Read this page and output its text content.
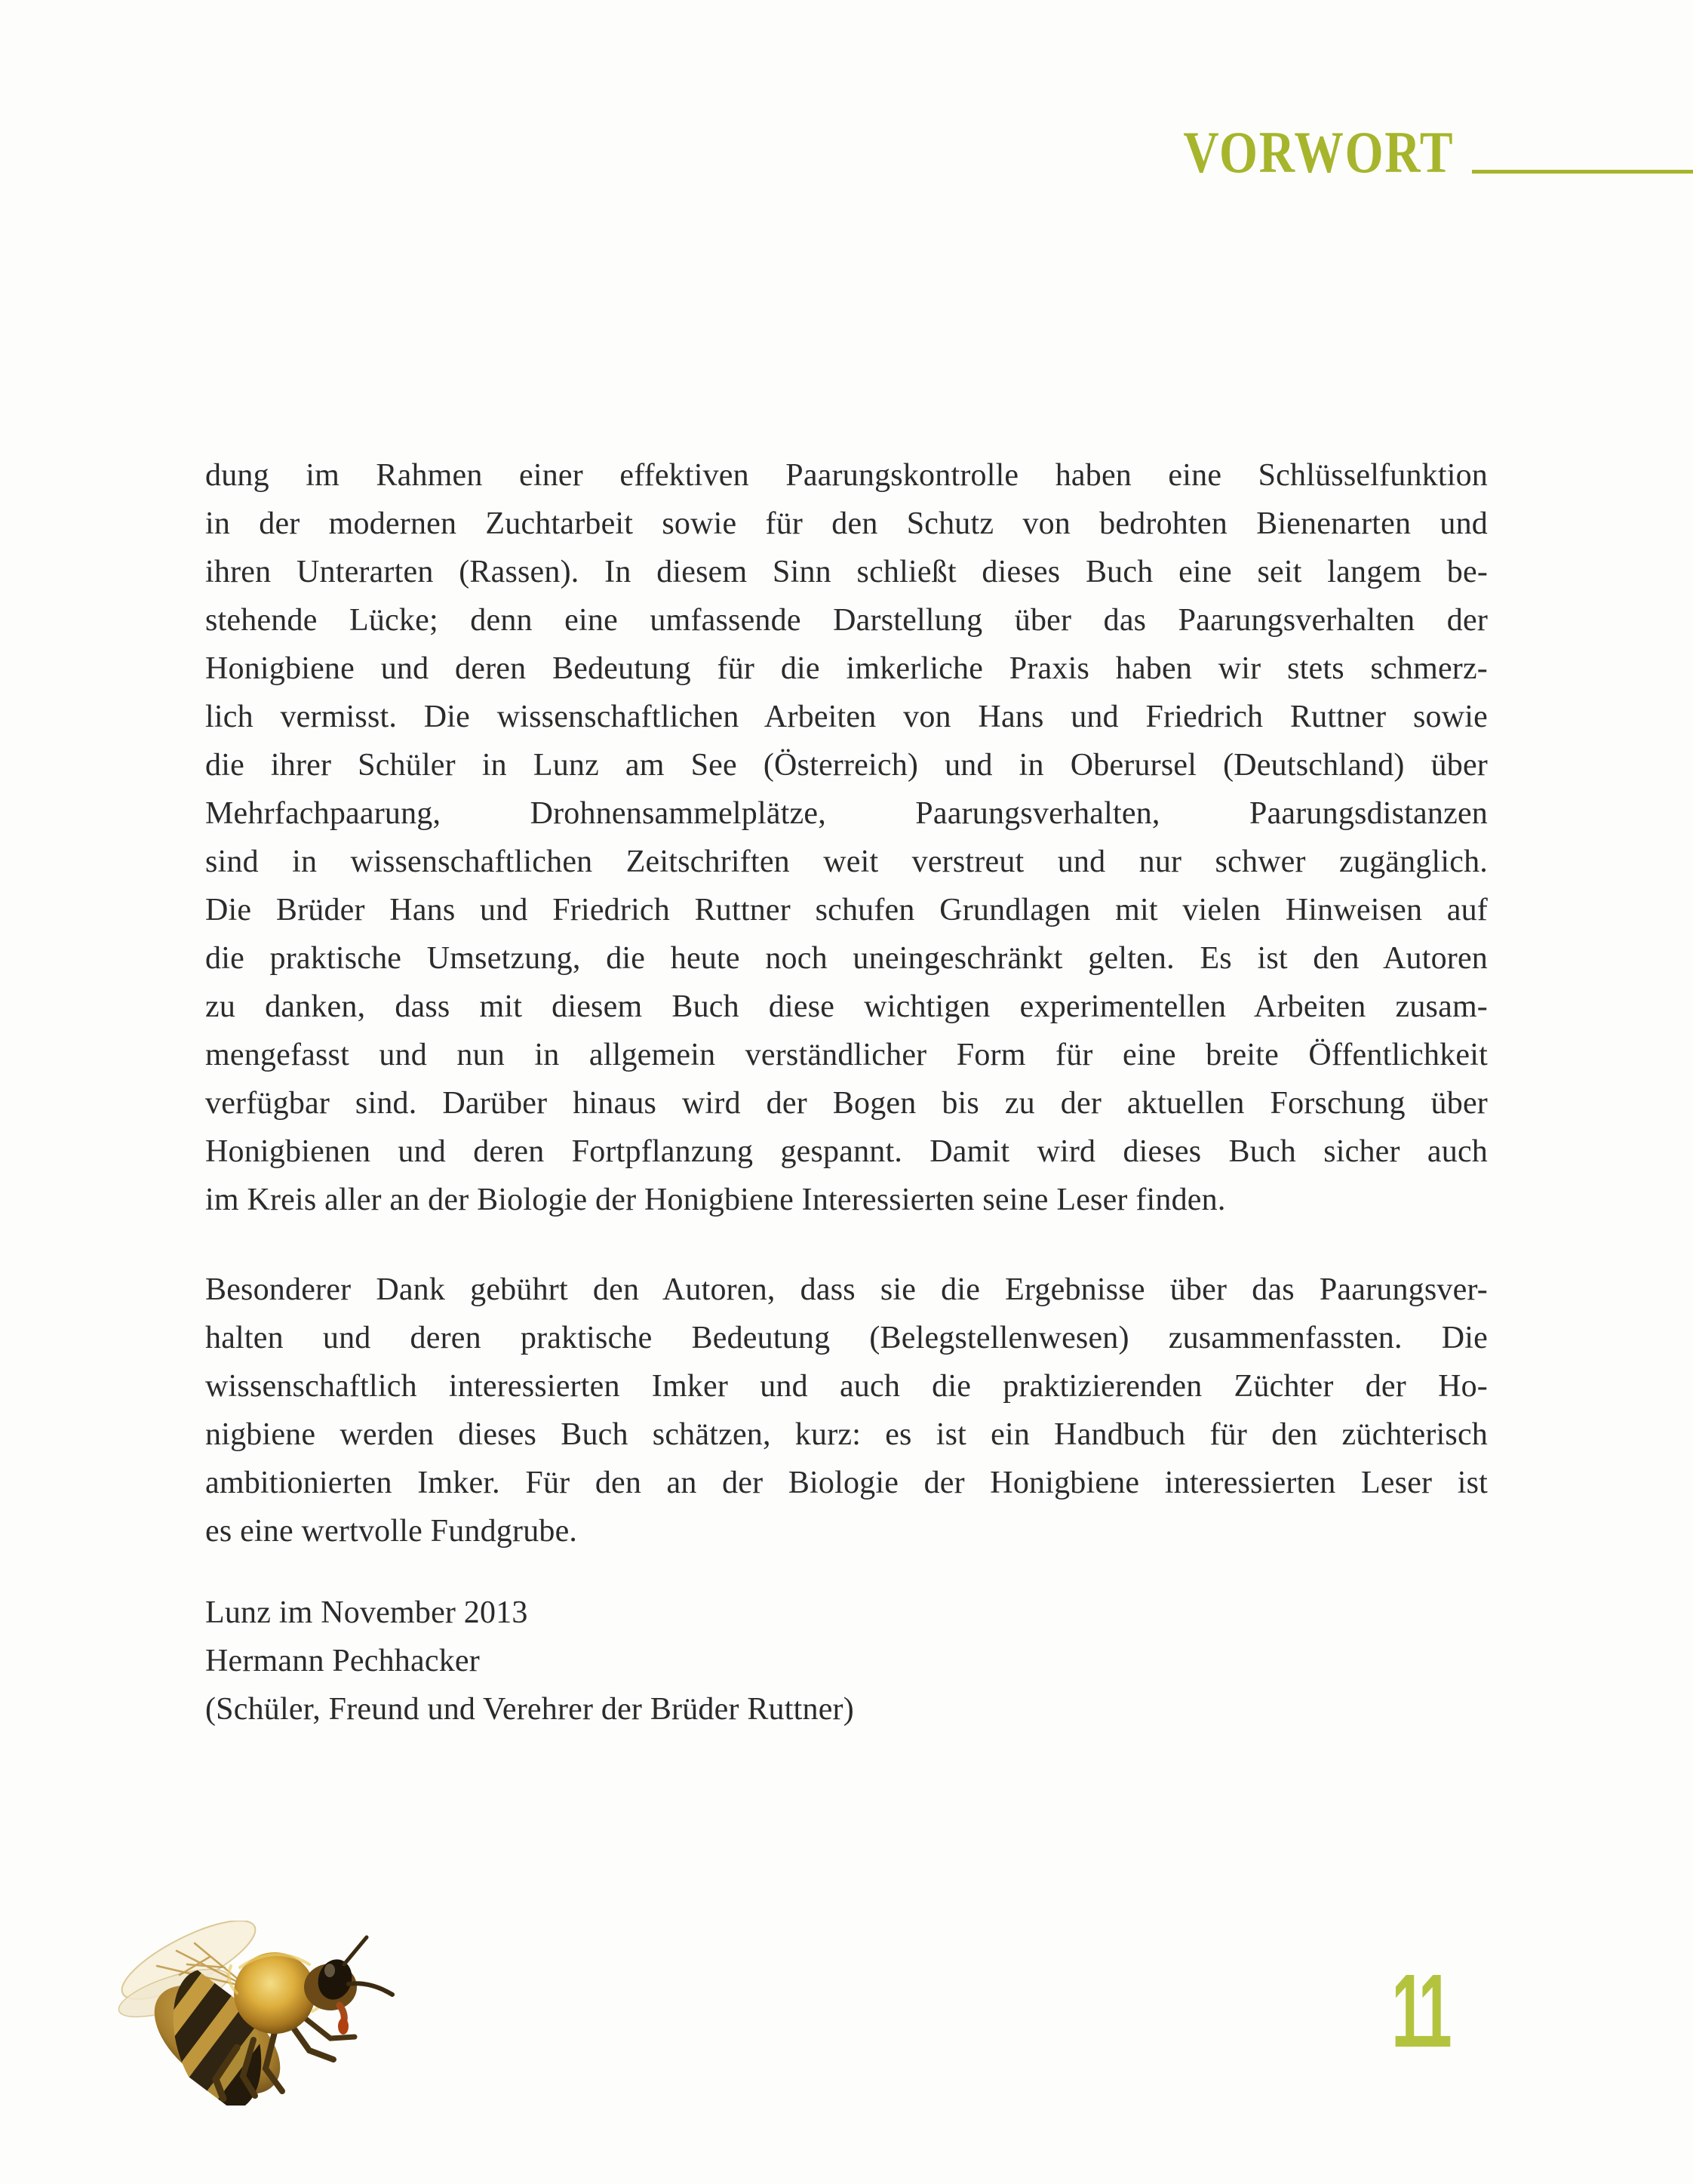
VORWORT
dung im Rahmen einer effektiven Paarungskontrolle haben eine Schlüsselfunktion
in der modernen Zuchtarbeit sowie für den Schutz von bedrohten Bienenarten und
ihren Unterarten (Rassen). In diesem Sinn schließt dieses Buch eine seit langem be-
stehende Lücke; denn eine umfassende Darstellung über das Paarungsverhalten der
Honigbiene und deren Bedeutung für die imkerliche Praxis haben wir stets schmerz-
lich vermisst. Die wissenschaftlichen Arbeiten von Hans und Friedrich Ruttner sowie
die ihrer Schüler in Lunz am See (Österreich) und in Oberursel (Deutschland) über
Mehrfachpaarung, Drohnensammelplätze, Paarungsverhalten, Paarungsdistanzen
sind in wissenschaftlichen Zeitschriften weit verstreut und nur schwer zugänglich.
Die Brüder Hans und Friedrich Ruttner schufen Grundlagen mit vielen Hinweisen auf
die praktische Umsetzung, die heute noch uneingeschränkt gelten. Es ist den Autoren
zu danken, dass mit diesem Buch diese wichtigen experimentellen Arbeiten zusam-
mengefasst und nun in allgemein verständlicher Form für eine breite Öffentlichkeit
verfügbar sind. Darüber hinaus wird der Bogen bis zu der aktuellen Forschung über
Honigbienen und deren Fortpflanzung gespannt. Damit wird dieses Buch sicher auch
im Kreis aller an der Biologie der Honigbiene Interessierten seine Leser finden.
Besonderer Dank gebührt den Autoren, dass sie die Ergebnisse über das Paarungsver-
halten und deren praktische Bedeutung (Belegstellenwesen) zusammenfassten. Die
wissenschaftlich interessierten Imker und auch die praktizierenden Züchter der Ho-
nigbiene werden dieses Buch schätzen, kurz: es ist ein Handbuch für den züchterisch
ambitionierten Imker. Für den an der Biologie der Honigbiene interessierten Leser ist
es eine wertvolle Fundgrube.
Lunz im November 2013
Hermann Pechhacker
(Schüler, Freund und Verehrer der Brüder Ruttner)
11
